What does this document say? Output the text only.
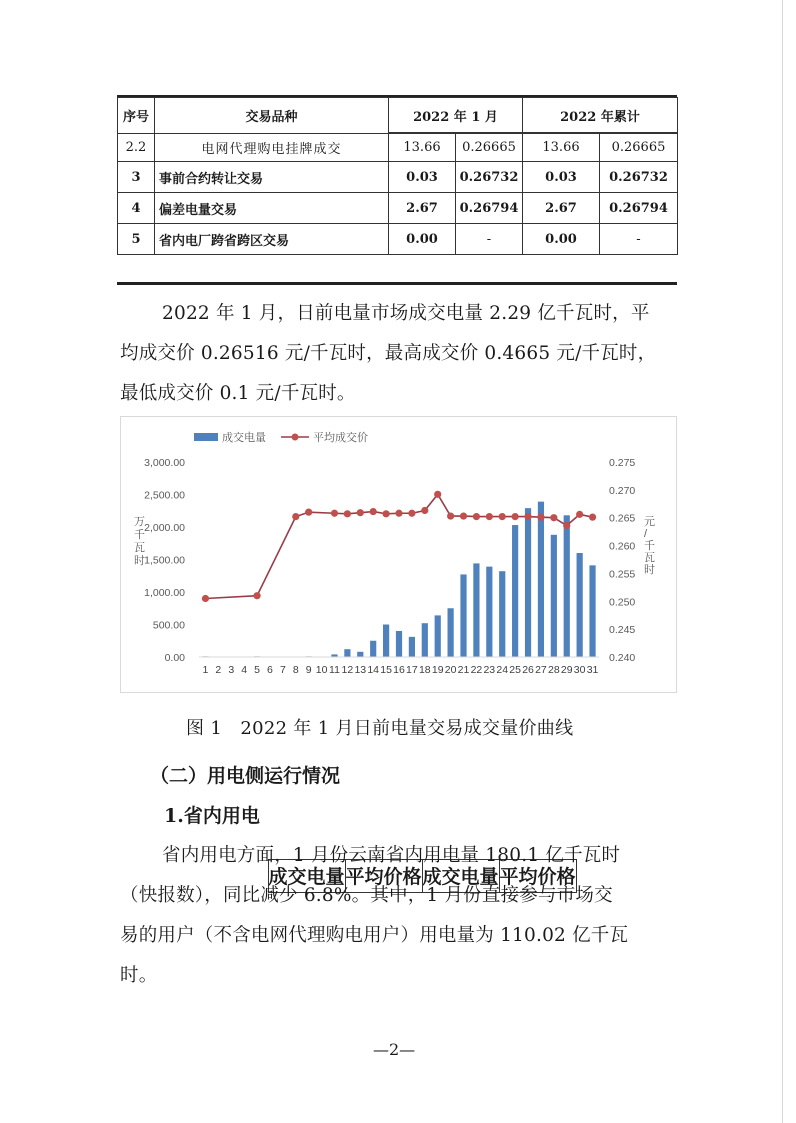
序号	交易品种	2022 年 1 月	2022 年累计

成交电量	平均价格	成交电量	平均价格
2.2	电网代理购电挂牌成交	13.66	0.26665	13.66	0.26665
3	事前合约转让交易	0.03	0.26732	0.03	0.26732
4	偏差电量交易	2.67	0.26794	2.67	0.26794
5	省内电厂跨省跨区交易	0.00	-	0.00	-
2022 年 1 月，日前电量市场成交电量 2.29 亿千瓦时，平
均成交价 0.26516 元/千瓦时，最高成交价 0.4665 元/千瓦时，
最低成交价 0.1 元/千瓦时。
成交电量	平均成交价
3,000.00
2,500.00
2,000.00
1,500.00
1,000.00
500.00
0.00
0.275
0.270
0.265
0.260
0.255
0.250
0.245
0.240
万
千
瓦
时
元
/
千
瓦
时
1 2 3 4 5 6 7 8 9 10 11 12 13 14 15 16 17 18 19 20 21 22 23 24 25 26 27 28 29 30 31
图 1　2022 年 1 月日前电量交易成交量价曲线
（二）用电侧运行情况
1.省内用电
省内用电方面，1 月份云南省内用电量 180.1 亿千瓦时
（快报数），同比减少 6.8%。其中，1 月份直接参与市场交
易的用户（不含电网代理购电用户）用电量为 110.02 亿千瓦
时。
—2—
